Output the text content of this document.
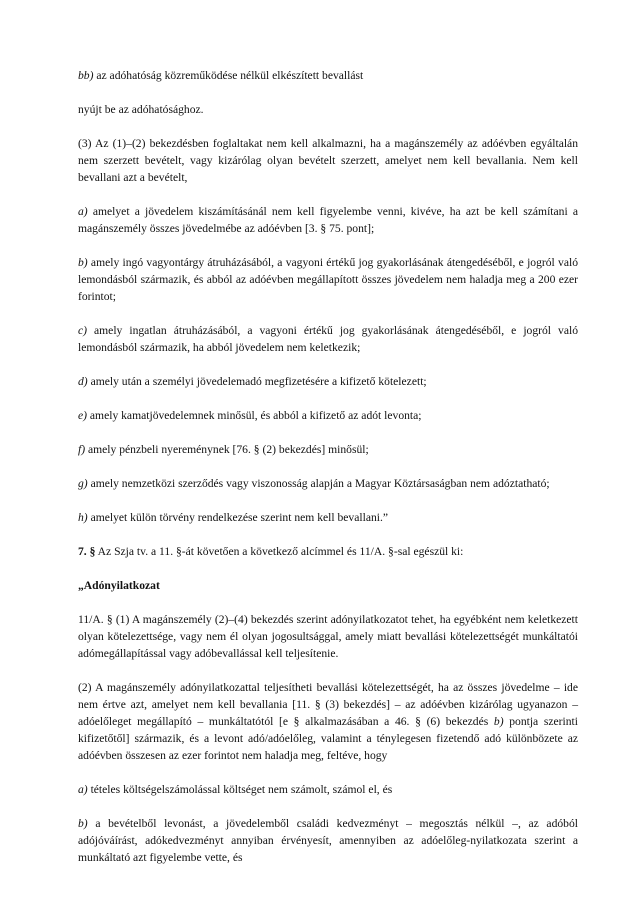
bb) az adóhatóság közreműködése nélkül elkészített bevallást

nyújt be az adóhatósághoz.

(3) Az (1)–(2) bekezdésben foglaltakat nem kell alkalmazni, ha a magánszemély az adóévben egyáltalán nem szerzett bevételt, vagy kizárólag olyan bevételt szerzett, amelyet nem kell bevallania. Nem kell bevallani azt a bevételt,

a) amelyet a jövedelem kiszámításánál nem kell figyelembe venni, kivéve, ha azt be kell számítani a magánszemély összes jövedelmébe az adóévben [3. § 75. pont];

b) amely ingó vagyontárgy átruházásából, a vagyoni értékű jog gyakorlásának átengedéséből, e jogról való lemondásból származik, és abból az adóévben megállapított összes jövedelem nem haladja meg a 200 ezer forintot;

c) amely ingatlan átruházásából, a vagyoni értékű jog gyakorlásának átengedéséből, e jogról való lemondásból származik, ha abból jövedelem nem keletkezik;

d) amely után a személyi jövedelemadó megfizetésére a kifizető kötelezett;

e) amely kamatjövedelemnek minősül, és abból a kifizető az adót levonta;

f) amely pénzbeli nyereménynek [76. § (2) bekezdés] minősül;

g) amely nemzetközi szerződés vagy viszonosság alapján a Magyar Köztársaságban nem adóztatható;

h) amelyet külön törvény rendelkezése szerint nem kell bevallani.”

7. § Az Szja tv. a 11. §-át követően a következő alcímmel és 11/A. §-sal egészül ki:

„Adónyilatkozat

11/A. § (1) A magánszemély (2)–(4) bekezdés szerint adónyilatkozatot tehet, ha egyébként nem keletkezett olyan kötelezettsége, vagy nem él olyan jogosultsággal, amely miatt bevallási kötelezettségét munkáltatói adómegállapítással vagy adóbevallással kell teljesítenie.

(2) A magánszemély adónyilatkozattal teljesítheti bevallási kötelezettségét, ha az összes jövedelme – ide nem értve azt, amelyet nem kell bevallania [11. § (3) bekezdés] – az adóévben kizárólag ugyanazon – adóelőleget megállapító – munkáltatótól [e § alkalmazásában a 46. § (6) bekezdés b) pontja szerinti kifizetőtől] származik, és a levont adó/adóelőleg, valamint a ténylegesen fizetendő adó különbözete az adóévben összesen az ezer forintot nem haladja meg, feltéve, hogy

a) tételes költségelszámolással költséget nem számolt, számol el, és

b) a bevételből levonást, a jövedelemből családi kedvezményt – megosztás nélkül –, az adóból adójóváírást, adókedvezményt annyiban érvényesít, amennyiben az adóelőleg-nyilatkozata szerint a munkáltató azt figyelembe vette, és
